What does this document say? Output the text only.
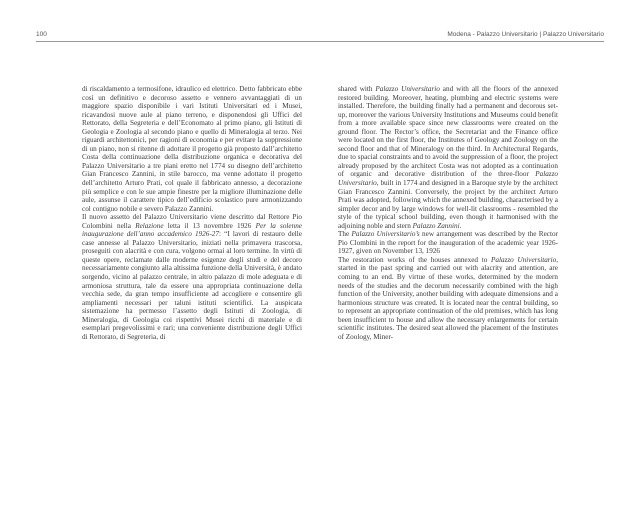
100	Modena - Palazzo Universitario | Palazzo Universitario

di riscaldamento a termosifone, idraulico ed elettrico. Detto fabbricato ebbe così un definitivo e decoroso assetto e vennero avvantaggiati di un maggiore spazio disponibile i vari Istituti Universitari ed i Musei, ricavandosi nuove aule al piano terreno, e disponendosi gli Uffici del Rettorato, della Segreteria e dell’Economato al primo piano, gli Istituti di Geologia e Zoologia al secondo piano e quello di Mineralogia al terzo. Nei riguardi architettonici, per ragioni di economia e per evitare la soppressione di un piano, non si ritenne di adottare il progetto già proposto dall’architetto Costa della continuazione della distribuzione organica e decorativa del Palazzo Universitario a tre piani eretto nel 1774 su disegno dell’architetto Gian Francesco Zannini, in stile barocco, ma venne adottato il progetto dell’architetto Arturo Prati, col quale il fabbricato annesso, a decorazione più semplice e con le sue ampie finestre per la migliore illuminazione delle aule, assunse il carattere tipico dell’edificio scolastico pure armonizzando col contiguo nobile e severo Palazzo Zannini.

Il nuovo assetto del Palazzo Universitario viene descritto dal Rettore Pio Colombini nella Relazione letta il 13 novembre 1926 Per la solenne inaugurazione dell’anno accademico 1926-27: “I lavori di restauro delle case annesse al Palazzo Universitario, iniziati nella primavera trascorsa, proseguiti con alacrità e con cura, volgono ormai al loro termine. In virtù di queste opere, reclamate dalle moderne esigenze degli studi e del decoro necessariamente congiunto alla altissima funzione della Università, è andato sorgendo, vicino al palazzo centrale, in altro palazzo di mole adeguata e di armoniosa struttura, tale da essere una appropriata continuazione della vecchia sede, da gran tempo insufficiente ad accogliere e consentire gli ampliamenti necessari per taluni istituti scientifici. La auspicata sistemazione ha permesso l’assetto degli Istituti di Zoologia, di Mineralogia, di Geologia coi rispettivi Musei ricchi di materiale e di esemplari pregevolissimi e rari; una conveniente distribuzione degli Uffici di Rettorato, di Segreteria, di

shared with Palazzo Universitario and with all the floors of the annexed restored building. Moreover, heating, plumbing and electric systems were installed. Therefore, the building finally had a permanent and decorous set-up, moreover the various University Institutions and Museums could benefit from a more available space since new classrooms were created on the ground floor. The Rector’s office, the Secretariat and the Finance office were located on the first floor, the Institutes of Geology and Zoology on the second floor and that of Mineralogy on the third. In Architectural Regards, due to spacial constraints and to avoid the suppression of a floor, the project already proposed by the architect Costa was not adopted as a continuation of organic and decorative distribution of the three-floor Palazzo Universitario, built in 1774 and designed in a Baroque style by the architect Gian Francesco Zannini. Conversely, the project by the architect Arturo Prati was adopted, following which the annexed building, characterised by a simpler decor and by large windows for well-lit classrooms - resembled the style of the typical school building, even though it harmonised with the adjoining noble and stern Palazzo Zannini.

The Palazzo Universitario’s new arrangement was described by the Rector Pio Clombini in the report for the inauguration of the academic year 1926-1927, given on November 13, 1926

The restoration works of the houses annexed to Palazzo Universitario, started in the past spring and carried out with alacrity and attention, are coming to an end. By virtue of these works, determined by the modern needs of the studies and the decorum necessarily combined with the high function of the University, another building with adequate dimensions and a harmonious structure was created. It is located near the central building, so to represent an appropriate continuation of the old premises, which has long been insufficient to house and allow the necessary enlargements for certain scientific institutes. The desired seat allowed the placement of the Institutes of Zoology, Miner-
